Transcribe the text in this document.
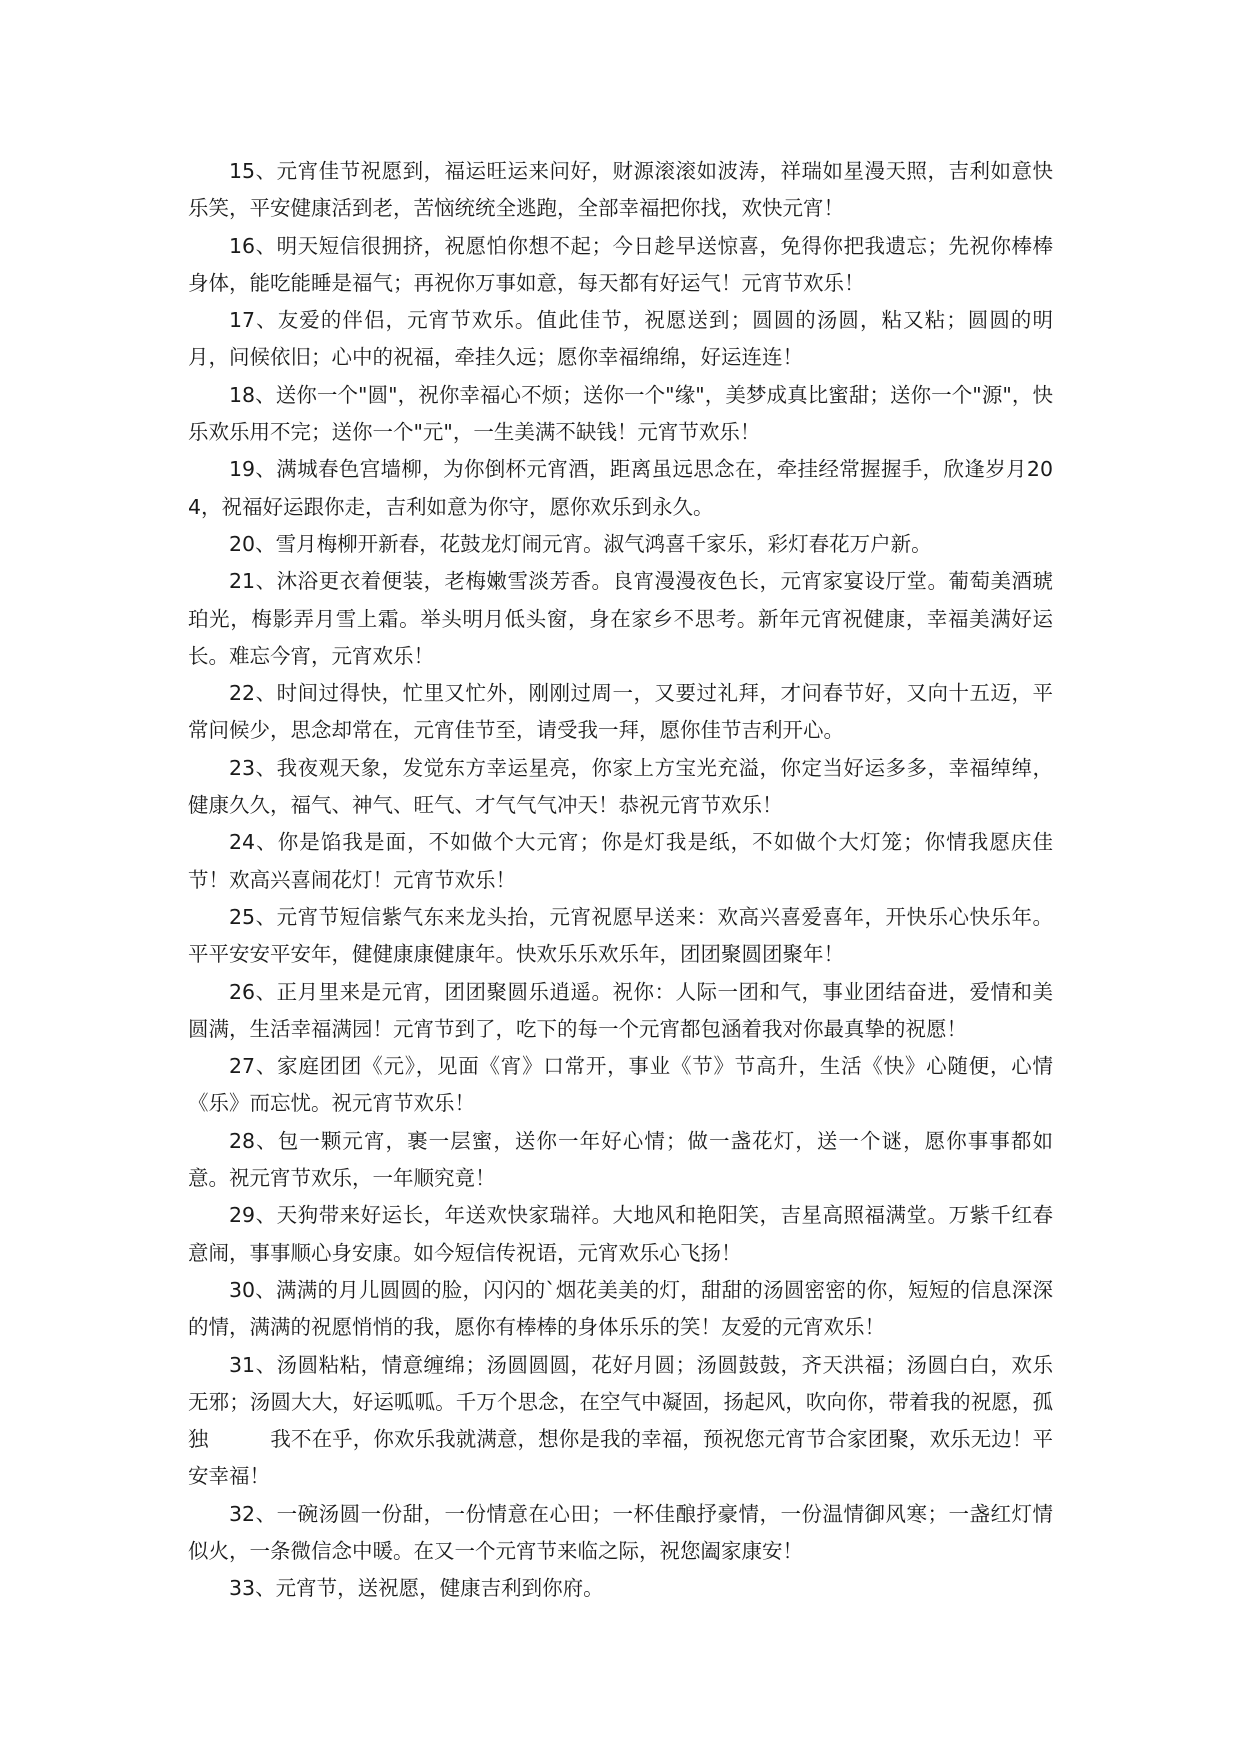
15、元宵佳节祝愿到，福运旺运来问好，财源滚滚如波涛，祥瑞如星漫天照，吉利如意快乐笑，平安健康活到老，苦恼统统全逃跑，全部幸福把你找，欢快元宵！

16、明天短信很拥挤，祝愿怕你想不起；今日趁早送惊喜，免得你把我遗忘；先祝你棒棒身体，能吃能睡是福气；再祝你万事如意，每天都有好运气！元宵节欢乐！

17、友爱的伴侣，元宵节欢乐。值此佳节，祝愿送到；圆圆的汤圆，粘又粘；圆圆的明月，问候依旧；心中的祝福，牵挂久远；愿你幸福绵绵，好运连连！

18、送你一个"圆"，祝你幸福心不烦；送你一个"缘"，美梦成真比蜜甜；送你一个"源"，快乐欢乐用不完；送你一个"元"，一生美满不缺钱！元宵节欢乐！

19、满城春色宫墙柳，为你倒杯元宵酒，距离虽远思念在，牵挂经常握握手，欣逢岁月204，祝福好运跟你走，吉利如意为你守，愿你欢乐到永久。

20、雪月梅柳开新春，花鼓龙灯闹元宵。淑气鸿喜千家乐，彩灯春花万户新。

21、沐浴更衣着便装，老梅嫩雪淡芳香。良宵漫漫夜色长，元宵家宴设厅堂。葡萄美酒琥珀光，梅影弄月雪上霜。举头明月低头窗，身在家乡不思考。新年元宵祝健康，幸福美满好运长。难忘今宵，元宵欢乐！

22、时间过得快，忙里又忙外，刚刚过周一，又要过礼拜，才问春节好，又向十五迈，平常问候少，思念却常在，元宵佳节至，请受我一拜，愿你佳节吉利开心。

23、我夜观天象，发觉东方幸运星亮，你家上方宝光充溢，你定当好运多多，幸福绰绰，健康久久，福气、神气、旺气、才气气气冲天！恭祝元宵节欢乐！

24、你是馅我是面，不如做个大元宵；你是灯我是纸，不如做个大灯笼；你情我愿庆佳节！欢高兴喜闹花灯！元宵节欢乐！

25、元宵节短信紫气东来龙头抬，元宵祝愿早送来：欢高兴喜爱喜年，开快乐心快乐年。平平安安平安年，健健康康健康年。快欢乐乐欢乐年，团团聚圆团聚年！

26、正月里来是元宵，团团聚圆乐逍遥。祝你：人际一团和气，事业团结奋进，爱情和美圆满，生活幸福满园！元宵节到了，吃下的每一个元宵都包涵着我对你最真挚的祝愿！

27、家庭团团《元》，见面《宵》口常开，事业《节》节高升，生活《快》心随便，心情《乐》而忘忧。祝元宵节欢乐！

28、包一颗元宵，裹一层蜜，送你一年好心情；做一盏花灯，送一个谜，愿你事事都如意。祝元宵节欢乐，一年顺究竟！

29、天狗带来好运长，年送欢快家瑞祥。大地风和艳阳笑，吉星高照福满堂。万紫千红春意闹，事事顺心身安康。如今短信传祝语，元宵欢乐心飞扬！

30、满满的月儿圆圆的脸，闪闪的`烟花美美的灯，甜甜的汤圆密密的你，短短的信息深深的情，满满的祝愿悄悄的我，愿你有棒棒的身体乐乐的笑！友爱的元宵欢乐！

31、汤圆粘粘，情意缠绵；汤圆圆圆，花好月圆；汤圆鼓鼓，齐天洪福；汤圆白白，欢乐无邪；汤圆大大，好运呱呱。千万个思念，在空气中凝固，扬起风，吹向你，带着我的祝愿，孤独　　　我不在乎，你欢乐我就满意，想你是我的幸福，预祝您元宵节合家团聚，欢乐无边！平安幸福！

32、一碗汤圆一份甜，一份情意在心田；一杯佳酿抒豪情，一份温情御风寒；一盏红灯情似火，一条微信念中暖。在又一个元宵节来临之际，祝您阖家康安！

33、元宵节，送祝愿，健康吉利到你府。
